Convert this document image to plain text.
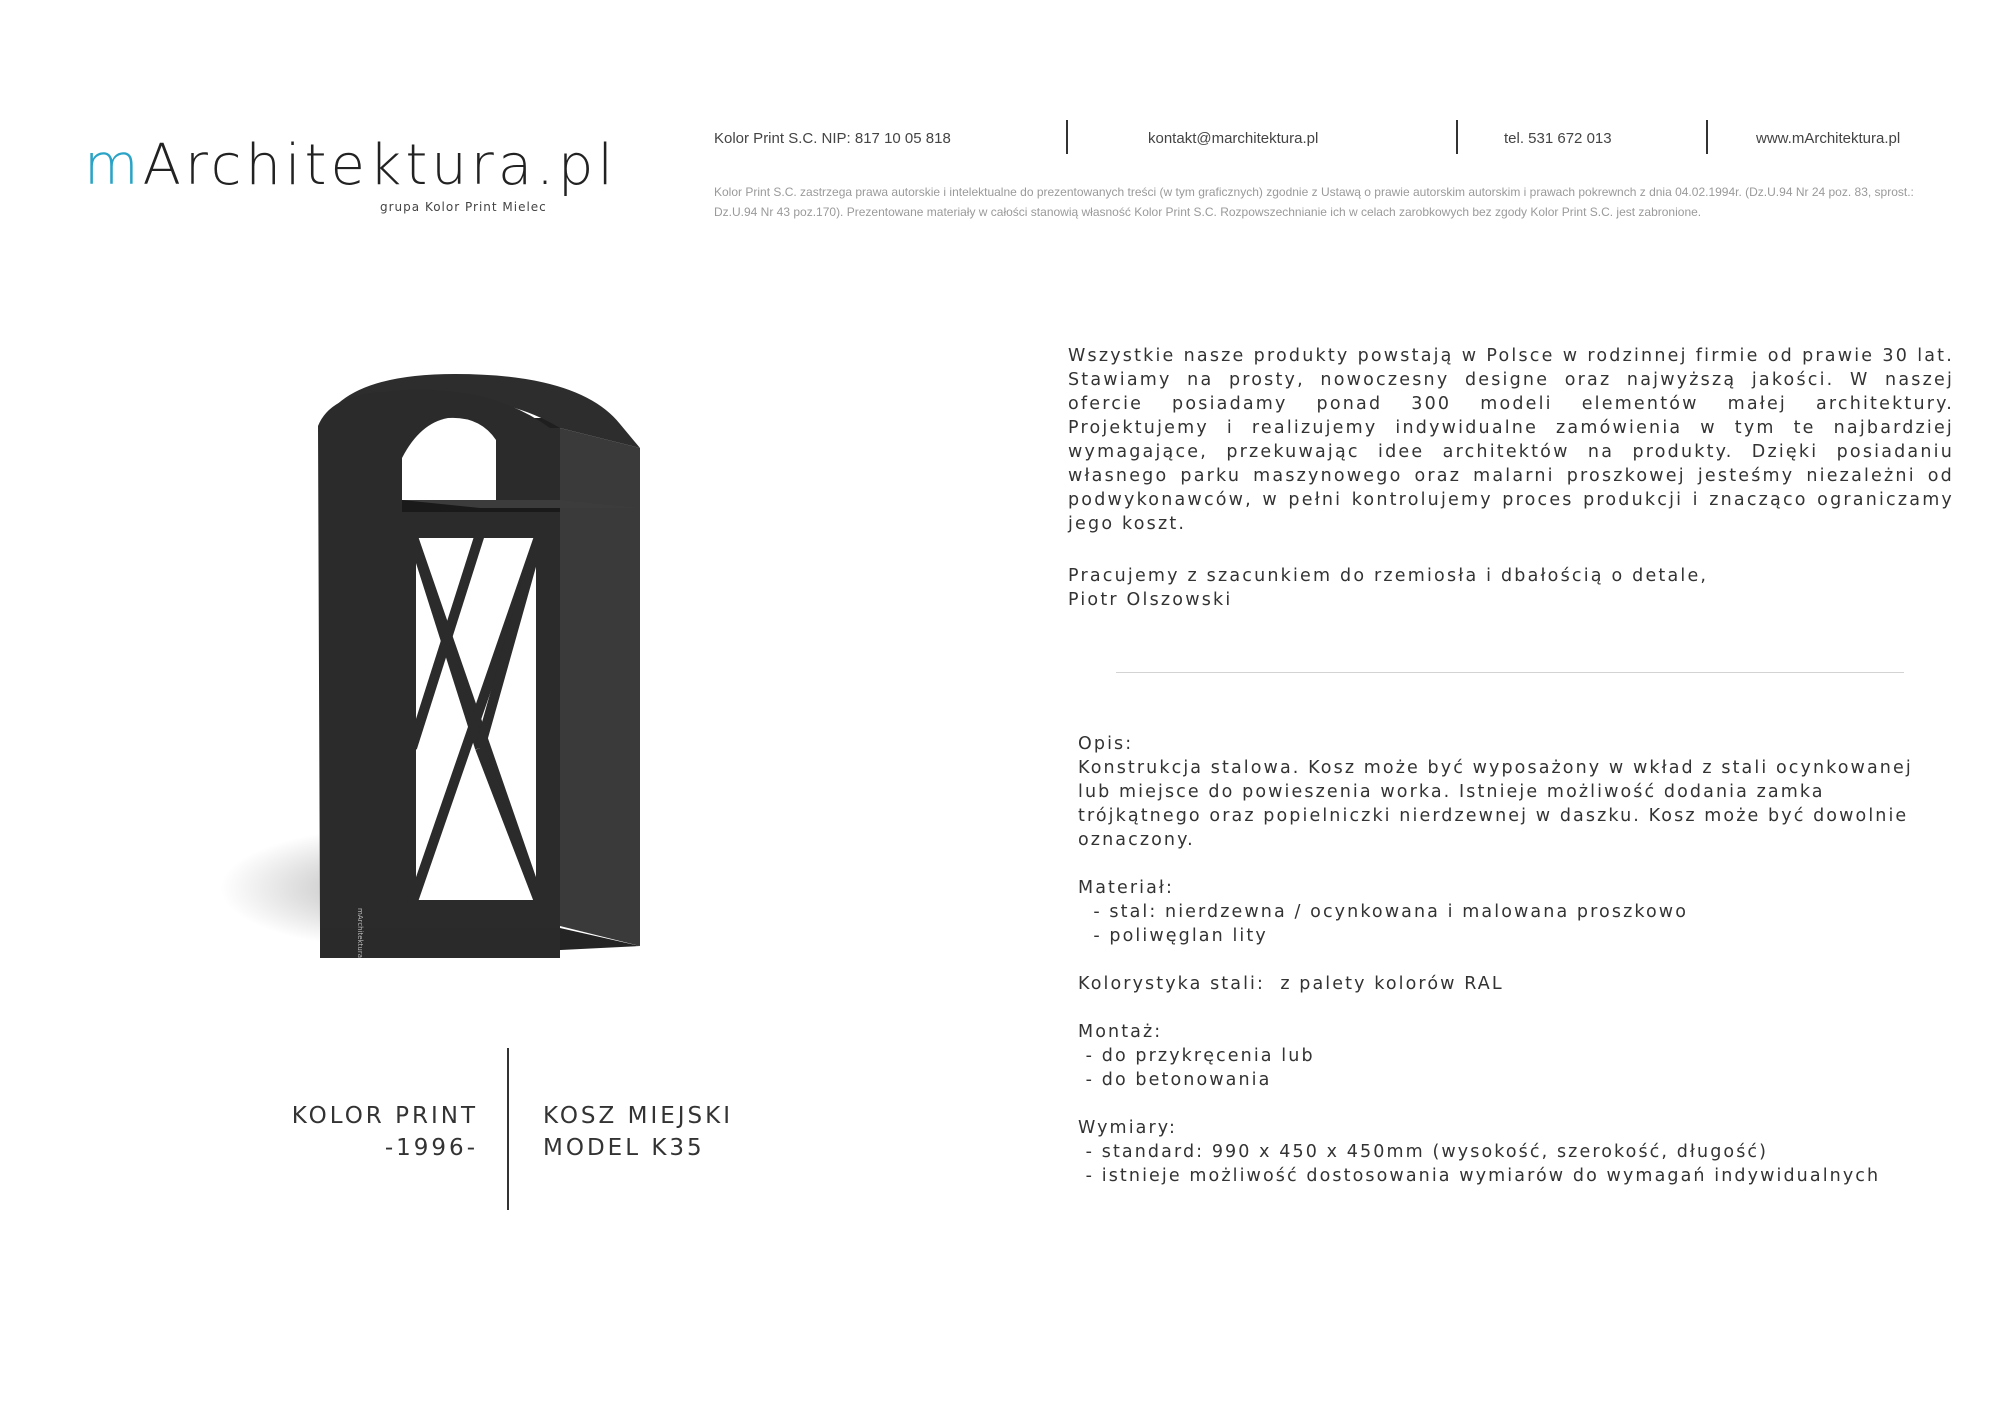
mArchitektura.pl
grupa Kolor Print Mielec
Kolor Print S.C. NIP: 817 10 05 818	kontakt@marchitektura.pl	tel. 531 672 013	www.mArchitektura.pl
Kolor Print S.C. zastrzega prawa autorskie i intelektualne do prezentowanych treści (w tym graficznych) zgodnie z Ustawą o prawie autorskim autorskim i prawach pokrewnch z dnia 04.02.1994r. (Dz.U.94 Nr 24 poz. 83, sprost.: Dz.U.94 Nr 43 poz.170). Prezentowane materiały w całości stanowią własność Kolor Print S.C. Rozpowszechnianie ich w celach zarobkowych bez zgody Kolor Print S.C. jest zabronione.
mArchitektura
KOLOR PRINT
-1996-
KOSZ MIEJSKI
MODEL K35

Wszystkie nasze produkty powstają w Polsce w rodzinnej firmie od prawie 30 lat. Stawiamy na prosty, nowoczesny designe oraz najwyższą jakości. W naszej ofercie posiadamy ponad 300 modeli elementów małej architektury. Projektujemy i realizujemy indywidualne zamówienia w tym te najbardziej wymagające, przekuwając idee architektów na produkty. Dzięki posiadaniu własnego parku maszynowego oraz malarni proszkowej jesteśmy niezależni od podwykonawców, w pełni kontrolujemy proces produkcji i znacząco ograniczamy jego koszt.

Pracujemy z szacunkiem do rzemiosła i dbałością o detale,
Piotr Olszowski
Opis:
Konstrukcja stalowa. Kosz może być wyposażony w wkład z stali ocynkowanej
lub miejsce do powieszenia worka. Istnieje możliwość dodania zamka
trójkątnego oraz popielniczki nierdzewnej w daszku. Kosz może być dowolnie
oznaczony.

Materiał:
- stal: nierdzewna / ocynkowana i malowana proszkowo
- poliwęglan lity

Kolorystyka stali:  z palety kolorów RAL

Montaż:
- do przykręcenia lub
- do betonowania

Wymiary:
- standard: 990 x 450 x 450mm (wysokość, szerokość, długość)
- istnieje możliwość dostosowania wymiarów do wymagań indywidualnych
